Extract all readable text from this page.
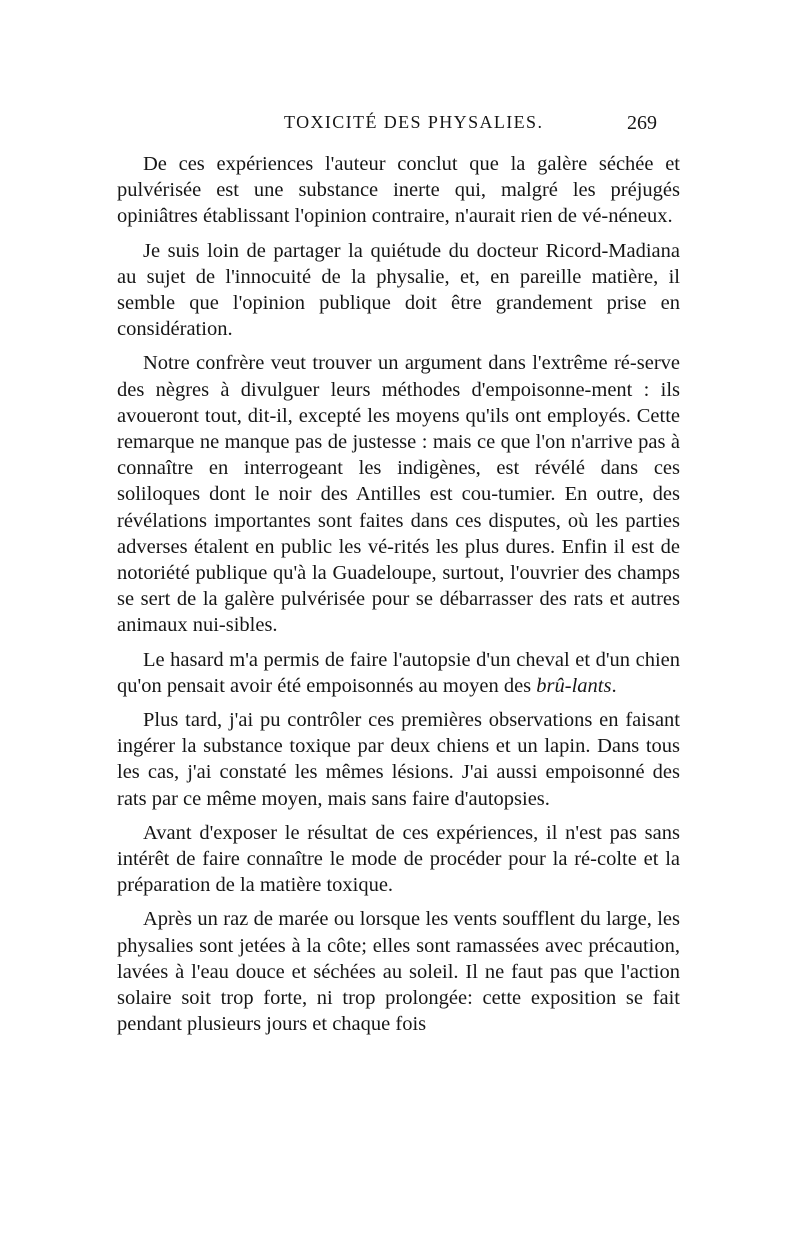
TOXICITÉ DES PHYSALIES.	269

De ces expériences l'auteur conclut que la galère séchée et pulvérisée est une substance inerte qui, malgré les préjugés opiniâtres établissant l'opinion contraire, n'aurait rien de vé-néneux.

Je suis loin de partager la quiétude du docteur Ricord-Madiana au sujet de l'innocuité de la physalie, et, en pareille matière, il semble que l'opinion publique doit être grandement prise en considération.

Notre confrère veut trouver un argument dans l'extrême ré-serve des nègres à divulguer leurs méthodes d'empoisonne-ment : ils avoueront tout, dit-il, excepté les moyens qu'ils ont employés. Cette remarque ne manque pas de justesse : mais ce que l'on n'arrive pas à connaître en interrogeant les indigènes, est révélé dans ces soliloques dont le noir des Antilles est cou-tumier. En outre, des révélations importantes sont faites dans ces disputes, où les parties adverses étalent en public les vé-rités les plus dures. Enfin il est de notoriété publique qu'à la Guadeloupe, surtout, l'ouvrier des champs se sert de la galère pulvérisée pour se débarrasser des rats et autres animaux nui-sibles.

Le hasard m'a permis de faire l'autopsie d'un cheval et d'un chien qu'on pensait avoir été empoisonnés au moyen des brû-lants.

Plus tard, j'ai pu contrôler ces premières observations en faisant ingérer la substance toxique par deux chiens et un lapin. Dans tous les cas, j'ai constaté les mêmes lésions. J'ai aussi empoisonné des rats par ce même moyen, mais sans faire d'autopsies.

Avant d'exposer le résultat de ces expériences, il n'est pas sans intérêt de faire connaître le mode de procéder pour la ré-colte et la préparation de la matière toxique.

Après un raz de marée ou lorsque les vents soufflent du large, les physalies sont jetées à la côte; elles sont ramassées avec précaution, lavées à l'eau douce et séchées au soleil. Il ne faut pas que l'action solaire soit trop forte, ni trop prolongée: cette exposition se fait pendant plusieurs jours et chaque fois
